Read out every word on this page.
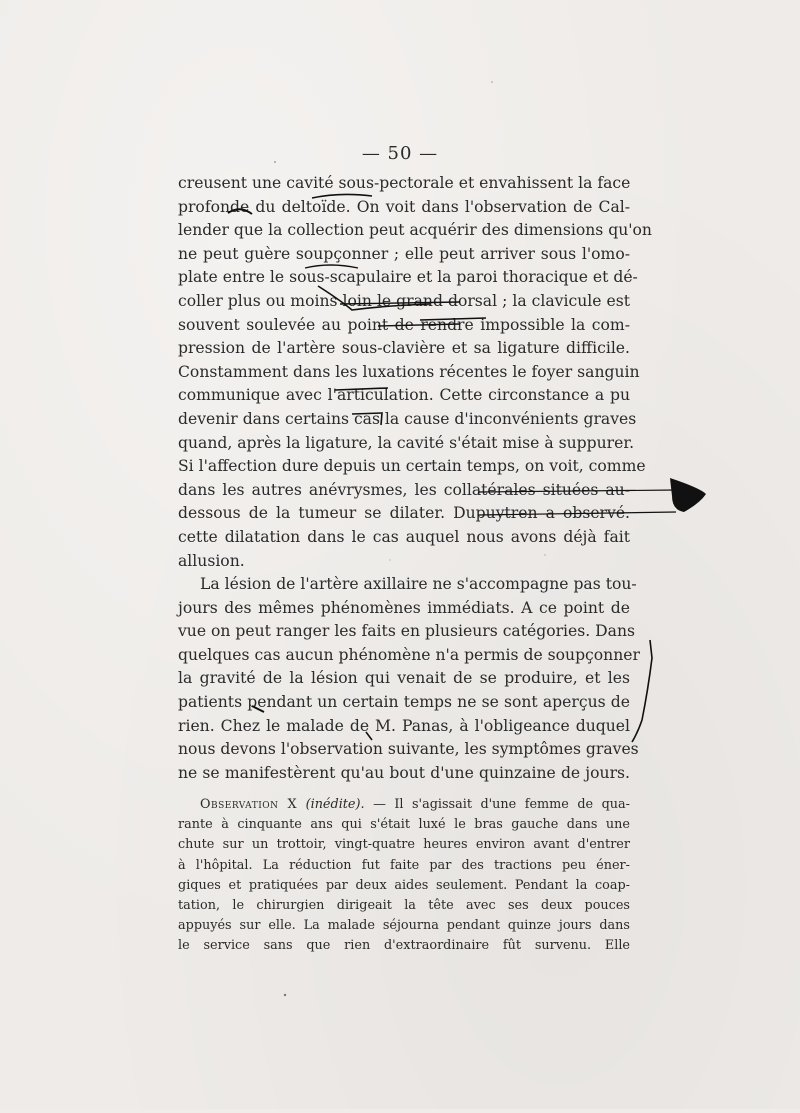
— 50 —
creusent une cavité sous-pectorale et envahissent la face
profonde du deltoïde. On voit dans l'observation de Cal-
lender que la collection peut acquérir des dimensions qu'on
ne peut guère soupçonner ; elle peut arriver sous l'omo-
plate entre le sous-scapulaire et la paroi thoracique et dé-
coller plus ou moins loin le grand dorsal ; la clavicule est
souvent soulevée au point de rendre impossible la com-
pression de l'artère sous-clavière et sa ligature difficile.
Constamment dans les luxations récentes le foyer sanguin
communique avec l'articulation. Cette circonstance a pu
devenir dans certains cas la cause d'inconvénients graves
quand, après la ligature, la cavité s'était mise à suppurer.
Si l'affection dure depuis un certain temps, on voit, comme
dans les autres anévrysmes, les collatérales situées au-
dessous de la tumeur se dilater. Dupuytren a observé.
cette dilatation dans le cas auquel nous avons déjà fait
allusion.
La lésion de l'artère axillaire ne s'accompagne pas tou-
jours des mêmes phénomènes immédiats. A ce point de
vue on peut ranger les faits en plusieurs catégories. Dans
quelques cas aucun phénomène n'a permis de soupçonner
la gravité de la lésion qui venait de se produire, et les
patients pendant un certain temps ne se sont aperçus de
rien. Chez le malade de M. Panas, à l'obligeance duquel
nous devons l'observation suivante, les symptômes graves
ne se manifestèrent qu'au bout d'une quinzaine de jours.
Observation X (inédite). — Il s'agissait d'une femme de qua-
rante à cinquante ans qui s'était luxé le bras gauche dans une
chute sur un trottoir, vingt-quatre heures environ avant d'entrer
à l'hôpital. La réduction fut faite par des tractions peu éner-
giques et pratiquées par deux aides seulement. Pendant la coap-
tation, le chirurgien dirigeait la tête avec ses deux pouces
appuyés sur elle. La malade séjourna pendant quinze jours dans
le service sans que rien d'extraordinaire fût survenu. Elle
